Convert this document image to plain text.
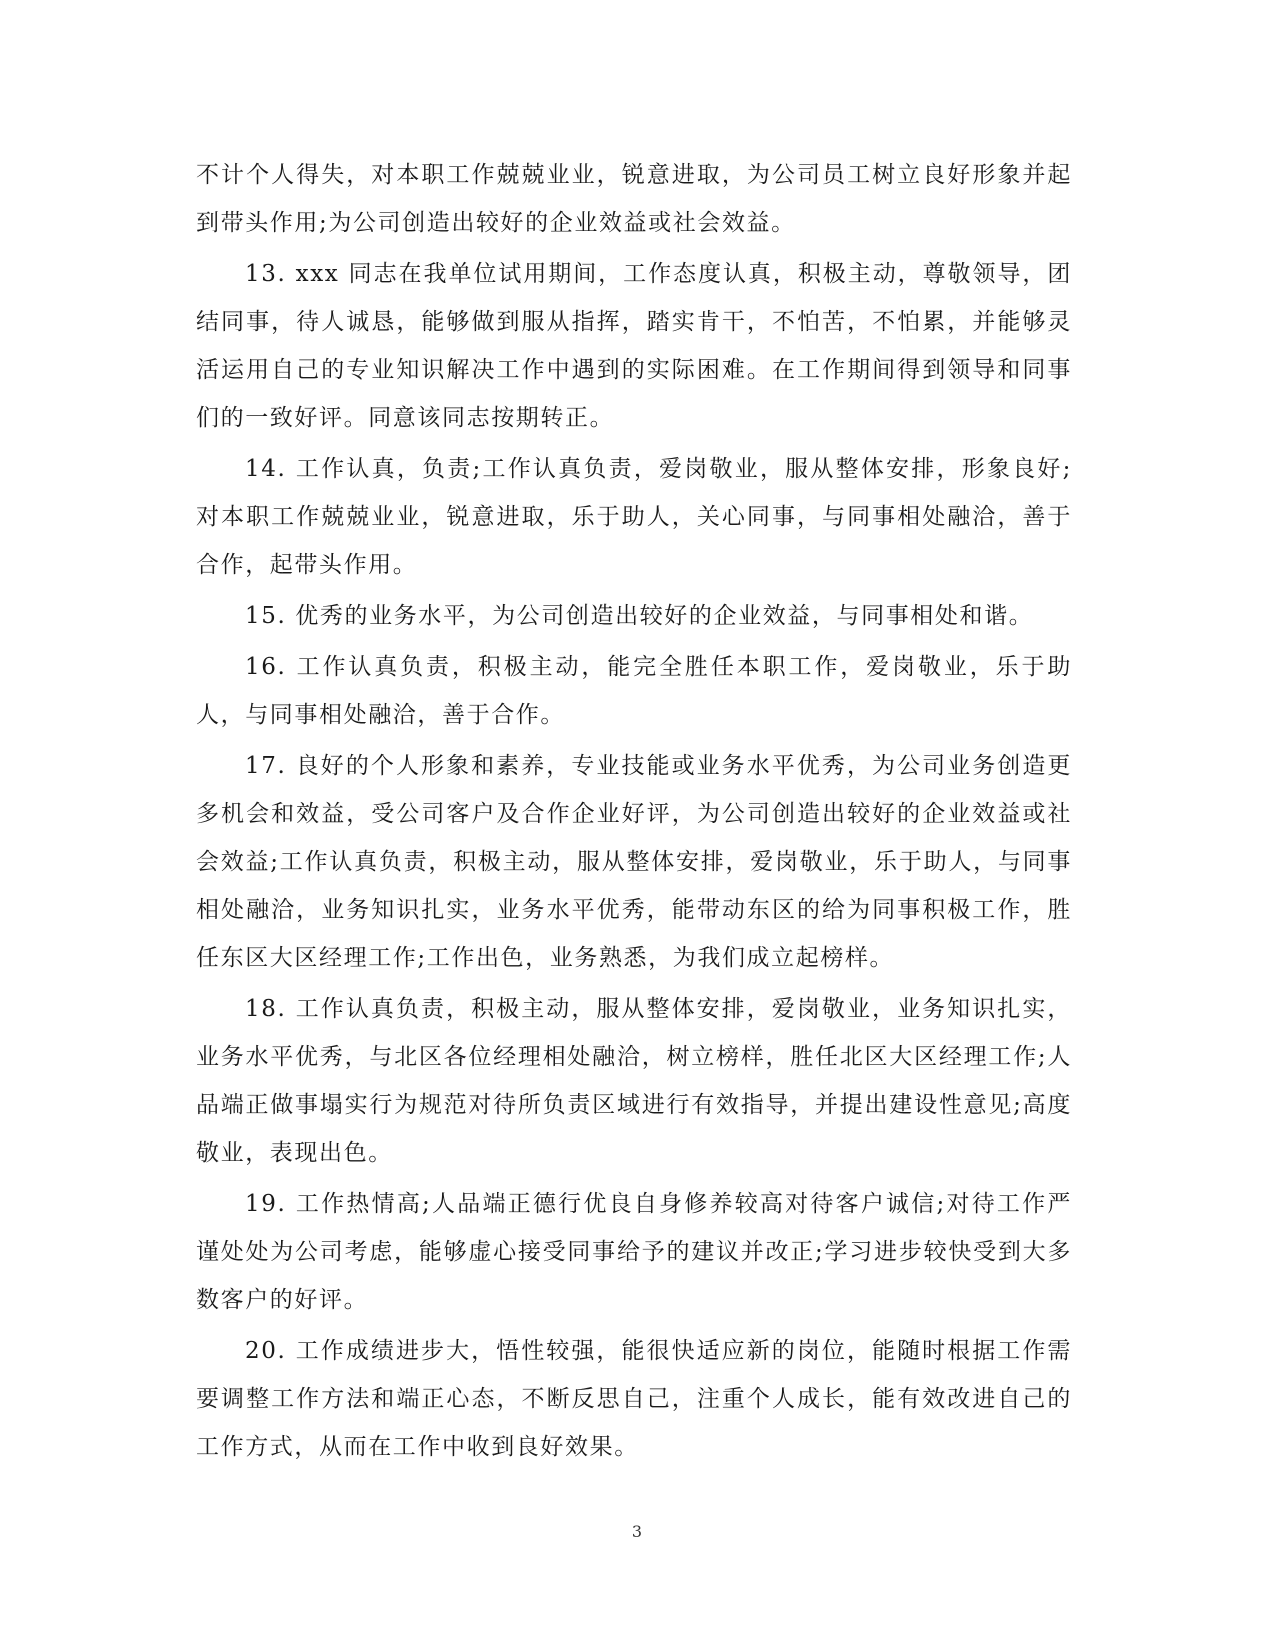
不计个人得失，对本职工作兢兢业业，锐意进取，为公司员工树立良好形象并起到带头作用;为公司创造出较好的企业效益或社会效益。

13. xxx 同志在我单位试用期间，工作态度认真，积极主动，尊敬领导，团结同事，待人诚恳，能够做到服从指挥，踏实肯干，不怕苦，不怕累，并能够灵活运用自己的专业知识解决工作中遇到的实际困难。在工作期间得到领导和同事们的一致好评。同意该同志按期转正。

14. 工作认真，负责;工作认真负责，爱岗敬业，服从整体安排，形象良好;对本职工作兢兢业业，锐意进取，乐于助人，关心同事，与同事相处融洽，善于合作，起带头作用。

15. 优秀的业务水平，为公司创造出较好的企业效益，与同事相处和谐。

16. 工作认真负责，积极主动，能完全胜任本职工作，爱岗敬业，乐于助人，与同事相处融洽，善于合作。

17. 良好的个人形象和素养，专业技能或业务水平优秀，为公司业务创造更多机会和效益，受公司客户及合作企业好评，为公司创造出较好的企业效益或社会效益;工作认真负责，积极主动，服从整体安排，爱岗敬业，乐于助人，与同事相处融洽，业务知识扎实，业务水平优秀，能带动东区的给为同事积极工作，胜任东区大区经理工作;工作出色，业务熟悉，为我们成立起榜样。

18. 工作认真负责，积极主动，服从整体安排，爱岗敬业，业务知识扎实，业务水平优秀，与北区各位经理相处融洽，树立榜样，胜任北区大区经理工作;人品端正做事塌实行为规范对待所负责区域进行有效指导，并提出建设性意见;高度敬业，表现出色。

19. 工作热情高;人品端正德行优良自身修养较高对待客户诚信;对待工作严谨处处为公司考虑，能够虚心接受同事给予的建议并改正;学习进步较快受到大多数客户的好评。

20. 工作成绩进步大，悟性较强，能很快适应新的岗位，能随时根据工作需要调整工作方法和端正心态，不断反思自己，注重个人成长，能有效改进自己的工作方式，从而在工作中收到良好效果。

3
